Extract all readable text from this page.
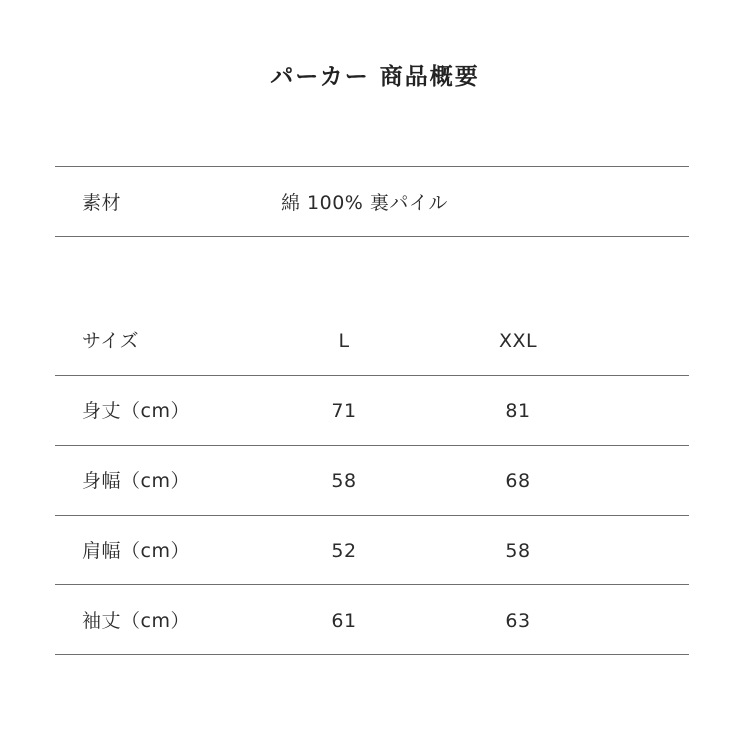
パーカー 商品概要
素材	綿 100% 裏パイル
サイズ	L	XXL
身丈（cm）	71	81
身幅（cm）	58	68
肩幅（cm）	52	58
袖丈（cm）	61	63
